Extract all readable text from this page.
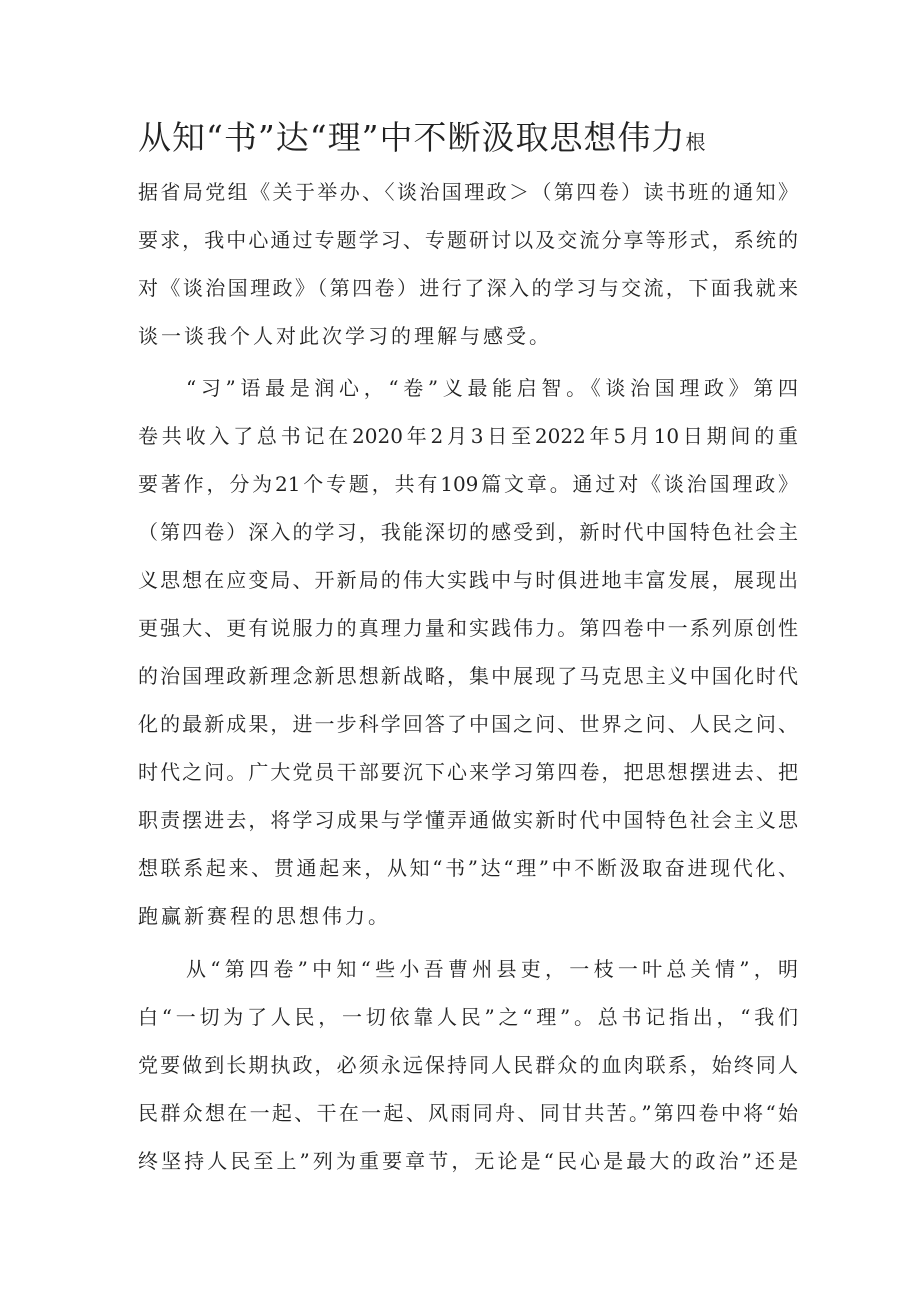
从知“书”达“理”中不断汲取思想伟力根
据省局党组《关于举办、〈谈治国理政＞（第四卷）读书班的通知》
要求，我中心通过专题学习、专题研讨以及交流分享等形式，系统的
对《谈治国理政》（第四卷）进行了深入的学习与交流，下面我就来
谈一谈我个人对此次学习的理解与感受。
“习”语最是润心，“卷”义最能启智。《谈治国理政》第四
卷共收入了总书记在2020年2月3日至2022年5月10日期间的重
要著作，分为21个专题，共有109篇文章。通过对《谈治国理政》
（第四卷）深入的学习，我能深切的感受到，新时代中国特色社会主
义思想在应变局、开新局的伟大实践中与时俱进地丰富发展，展现出
更强大、更有说服力的真理力量和实践伟力。第四卷中一系列原创性
的治国理政新理念新思想新战略，集中展现了马克思主义中国化时代
化的最新成果，进一步科学回答了中国之问、世界之问、人民之问、
时代之问。广大党员干部要沉下心来学习第四卷，把思想摆进去、把
职责摆进去，将学习成果与学懂弄通做实新时代中国特色社会主义思
想联系起来、贯通起来，从知“书”达“理”中不断汲取奋进现代化、
跑赢新赛程的思想伟力。
从“第四卷”中知“些小吾曹州县吏，一枝一叶总关情”，明
白“一切为了人民，一切依靠人民”之“理”。总书记指出，“我们
党要做到长期执政，必须永远保持同人民群众的血肉联系，始终同人
民群众想在一起、干在一起、风雨同舟、同甘共苦。”第四卷中将“始
终坚持人民至上”列为重要章节，无论是“民心是最大的政治”还是
